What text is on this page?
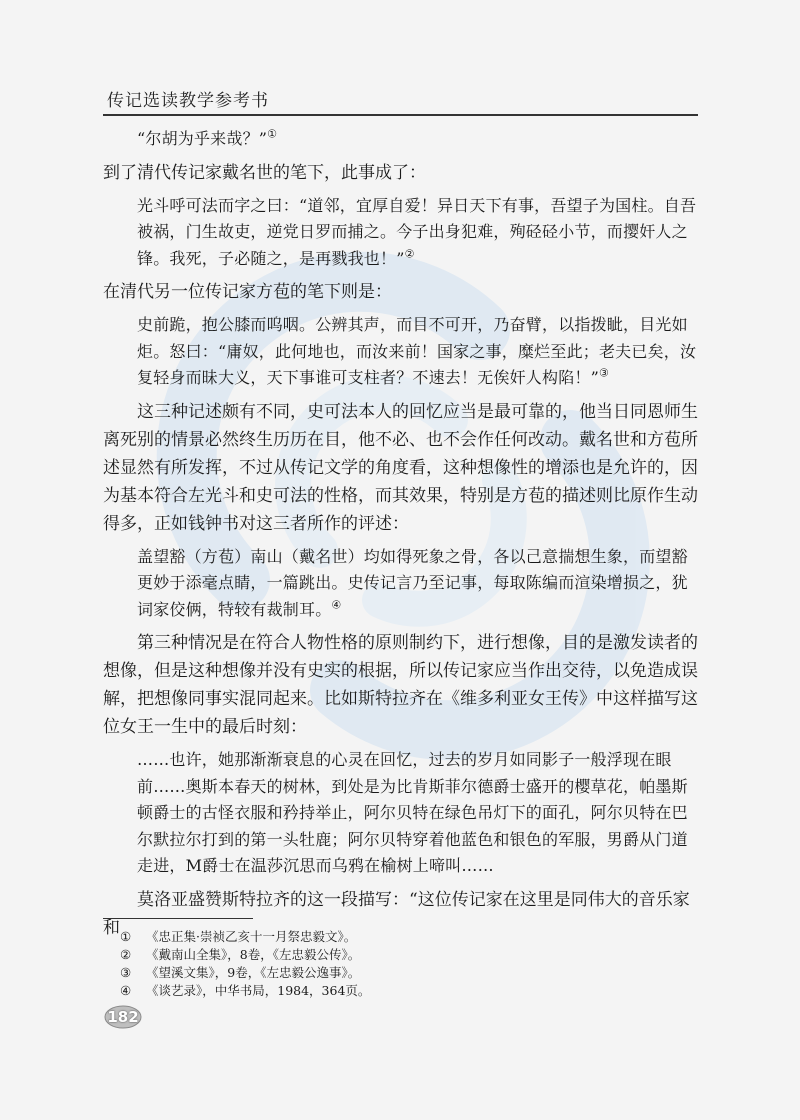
传记选读教学参考书

“尔胡为乎来哉？”①

到了清代传记家戴名世的笔下，此事成了：

光斗呼可法而字之曰：“道邻，宜厚自爱！异日天下有事，吾望子为国柱。自吾被祸，门生故吏，逆党日罗而捕之。今子出身犯难，殉硁硁小节，而撄奸人之锋。我死，子必随之，是再戮我也！”②

在清代另一位传记家方苞的笔下则是：

史前跪，抱公膝而呜咽。公辨其声，而目不可开，乃奋臂，以指拨眦，目光如炬。怒曰：“庸奴，此何地也，而汝来前！国家之事，糜烂至此；老夫已矣，汝复轻身而昧大义，天下事谁可支柱者？不速去！无俟奸人构陷！”③

这三种记述颇有不同，史可法本人的回忆应当是最可靠的，他当日同恩师生离死别的情景必然终生历历在目，他不必、也不会作任何改动。戴名世和方苞所述显然有所发挥，不过从传记文学的角度看，这种想像性的增添也是允许的，因为基本符合左光斗和史可法的性格，而其效果，特别是方苞的描述则比原作生动得多，正如钱钟书对这三者所作的评述：

盖望豁（方苞）南山（戴名世）均如得死象之骨，各以己意揣想生象，而望豁更妙于添毫点睛，一篇跳出。史传记言乃至记事，每取陈编而渲染增损之，犹词家佼俩，特较有裁制耳。④

第三种情况是在符合人物性格的原则制约下，进行想像，目的是激发读者的想像，但是这种想像并没有史实的根据，所以传记家应当作出交待，以免造成误解，把想像同事实混同起来。比如斯特拉齐在《维多利亚女王传》中这样描写这位女王一生中的最后时刻：

……也许，她那渐渐衰息的心灵在回忆，过去的岁月如同影子一般浮现在眼前……奥斯本春天的树林，到处是为比肯斯菲尔德爵士盛开的樱草花，帕墨斯顿爵士的古怪衣服和矜持举止，阿尔贝特在绿色吊灯下的面孔，阿尔贝特在巴尔默拉尔打到的第一头牡鹿；阿尔贝特穿着他蓝色和银色的军服，男爵从门道走进，M爵士在温莎沉思而乌鸦在榆树上啼叫……

莫洛亚盛赞斯特拉齐的这一段描写：“这位传记家在这里是同伟大的音乐家和 ①	《忠正集·崇祯乙亥十一月祭忠毅文》。
②	《戴南山全集》，8卷，《左忠毅公传》。
③	《望溪文集》，9卷，《左忠毅公逸事》。
④	《谈艺录》，中华书局，1984，364页。
182
